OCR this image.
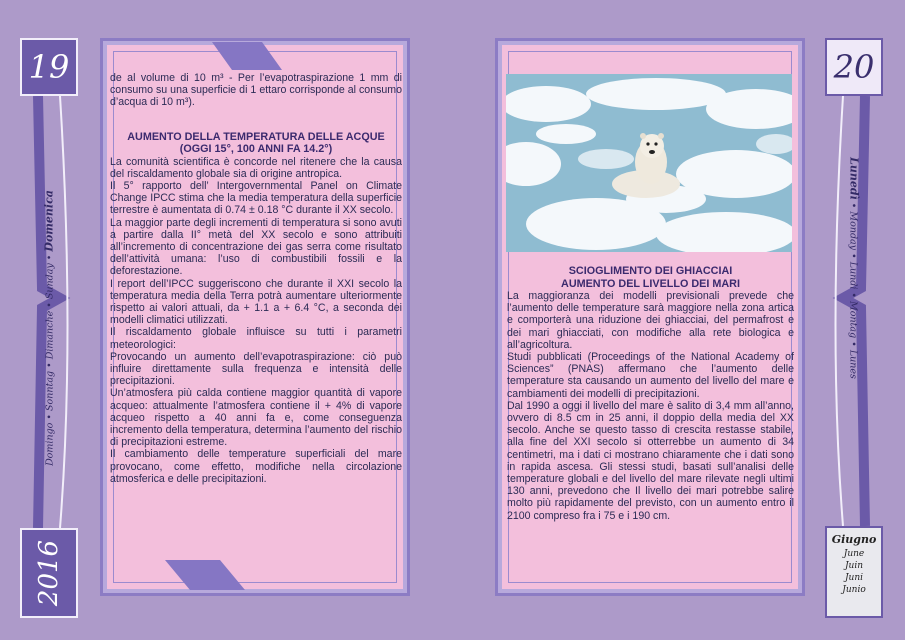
19
Domingo • Sonntag • Dimanche • Sunday • Domenica
2016

de al volume di 10 m³ - Per l’evapotraspirazione 1 mm di consumo su una superficie di 1 ettaro corrisponde al consumo d’acqua di 10 m³).

AUMENTO DELLA TEMPERATURA DELLE ACQUE
(OGGI 15°, 100 ANNI FA 14.2°)

La comunità scientifica è concorde nel ritenere che la causa del riscaldamento globale sia di origine antropica.

Il 5° rapporto dell’ Intergovernmental Panel on Climate Change IPCC stima che la media temperatura della superficie terrestre è aumentata di 0.74 ± 0.18 °C durante il XX secolo.

La maggior parte degli incrementi di temperatura si sono avuti a partire dalla II° metà del XX secolo e sono attribuiti all’incremento di concentrazione dei gas serra come risultato dell’attività umana: l’uso di combustibili fossili e la deforestazione.

I report dell’IPCC suggeriscono che durante il XXI secolo la temperatura media della Terra potrà aumentare ulteriormente rispetto ai valori attuali, da + 1.1 a + 6.4 °C, a seconda dei modelli climatici utilizzati.

Il riscaldamento globale influisce su tutti i parametri meteorologici:

Provocando un aumento dell’evapotraspirazione: ciò può influire direttamente sulla frequenza e intensità delle precipitazioni.

Un’atmosfera più calda contiene maggior quantità di vapore acqueo: attualmente l’atmosfera contiene il + 4% di vapore acqueo rispetto a 40 anni fa e, come conseguenza incremento della temperatura, determina l’aumento del rischio di precipitazioni estreme.

Il cambiamento delle temperature superficiali del mare provocano, come effetto, modifiche nella circolazione atmosferica e delle precipitazioni.

SCIOGLIMENTO DEI GHIACCIAI
AUMENTO DEL LIVELLO DEI MARI

La maggioranza dei modelli previsionali prevede che l’aumento delle temperature sarà maggiore nella zona artica e comporterà una riduzione dei ghiacciai, del permafrost e dei mari ghiacciati, con modifiche alla rete biologica e all’agricoltura.

Studi pubblicati (Proceedings of the National Academy of Sciences” (PNAS) affermano che l’aumento delle temperature sta causando un aumento del livello del mare e cambiamenti dei modelli di precipitazioni.

Dal 1990 a oggi il livello del mare è salito di 3,4 mm all’anno, ovvero di 8.5 cm in 25 anni, il doppio della media del XX secolo. Anche se questo tasso di crescita restasse stabile, alla fine del XXI secolo si otterrebbe un aumento di 34 centimetri, ma i dati ci mostrano chiaramente che i dati sono in rapida ascesa. Gli stessi studi, basati sull’analisi delle temperature globali e del livello del mare rilevate negli ultimi 130 anni, prevedono che Il livello dei mari potrebbe salire molto più rapidamente del previsto, con un aumento entro il 2100 compreso fra i 75 e i 190 cm.

20
Lunedì • Monday • Lundi • Montag • Lunes
Giugno
June
Juin
Juni
Junio
